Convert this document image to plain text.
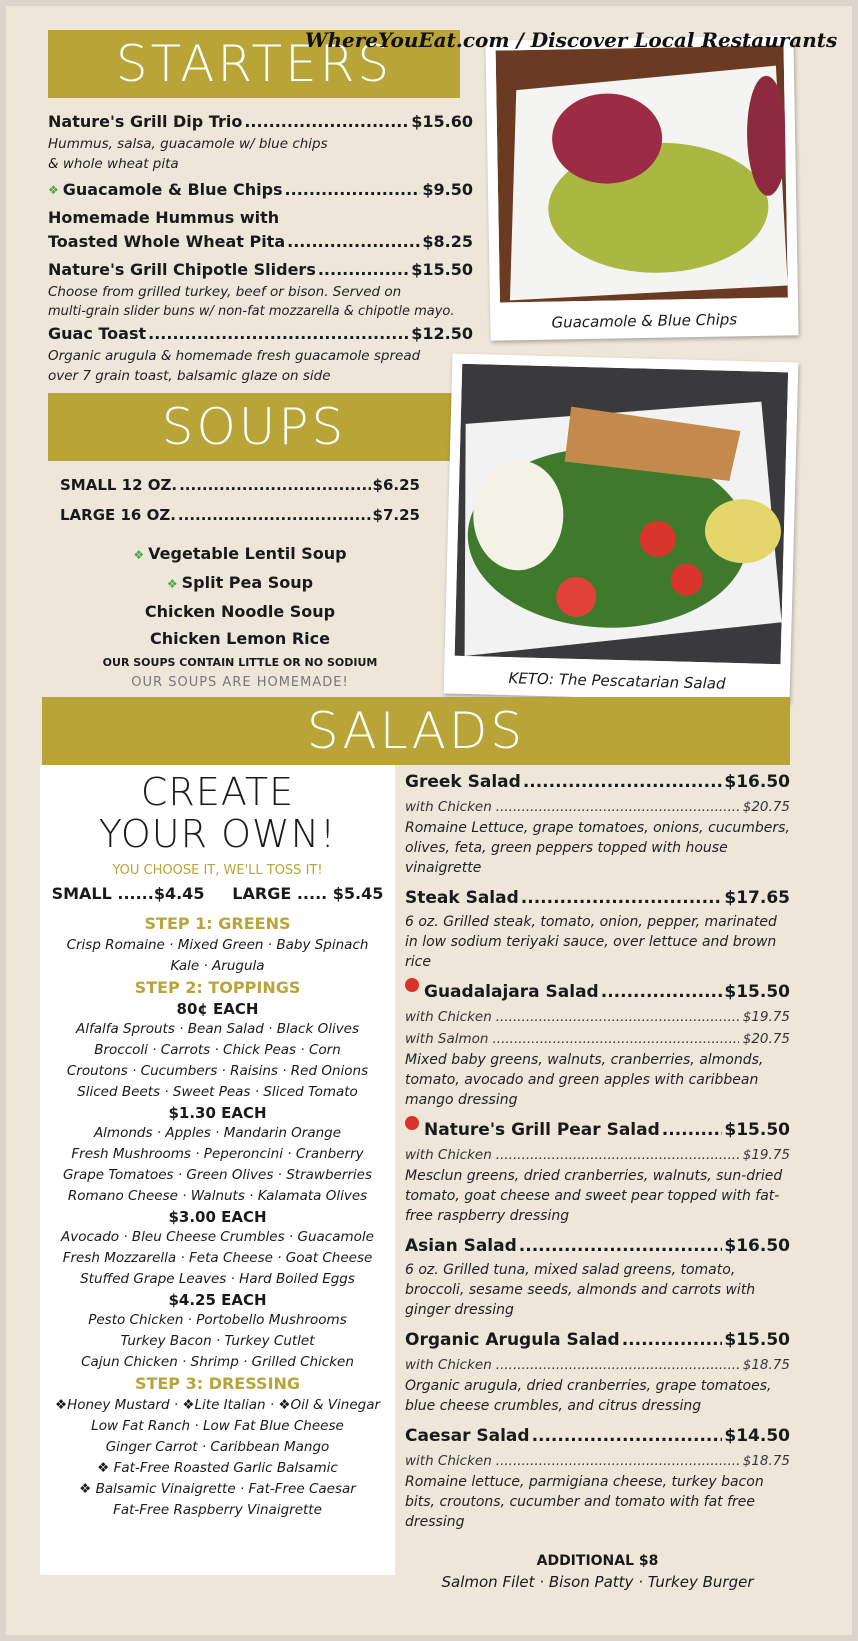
STARTERS
Nature's Grill Dip Trio .....	$15.60
Hummus, salsa, guacamole w/ blue chips
& whole wheat pita
❖ Guacamole & Blue Chips .....	$9.50
Homemade Hummus with
Toasted Whole Wheat Pita .....	$8.25
Nature's Grill Chipotle Sliders .....	$15.50
Choose from grilled turkey, beef or bison. Served on
multi-grain slider buns w/ non-fat mozzarella & chipotle mayo.
Guac Toast .....	$12.50
Organic arugula & homemade fresh guacamole spread
over 7 grain toast, balsamic glaze on side
Guacamole & Blue Chips
WhereYouEat.com / Discover Local Restaurants
SOUPS
SMALL 12 OZ. .....	$6.25
LARGE 16 OZ. .....	$7.25
❖ Vegetable Lentil Soup
❖ Split Pea Soup
Chicken Noodle Soup
Chicken Lemon Rice
OUR SOUPS CONTAIN LITTLE OR NO SODIUM
OUR SOUPS ARE HOMEMADE!	KETO: The Pescatarian Salad
SALADS
CREATE
YOUR OWN!
YOU CHOOSE IT, WE'LL TOSS IT!
SMALL ......$4.45     LARGE ..... $5.45
STEP 1: GREENS
Crisp Romaine · Mixed Green · Baby Spinach
Kale · Arugula
STEP 2: TOPPINGS
80¢ EACH
Alfalfa Sprouts · Bean Salad · Black Olives
Broccoli · Carrots · Chick Peas · Corn
Croutons · Cucumbers · Raisins · Red Onions
Sliced Beets · Sweet Peas · Sliced Tomato
$1.30 EACH
Almonds · Apples · Mandarin Orange
Fresh Mushrooms · Peperoncini · Cranberry
Grape Tomatoes · Green Olives · Strawberries
Romano Cheese · Walnuts · Kalamata Olives
$3.00 EACH
Avocado · Bleu Cheese Crumbles · Guacamole
Fresh Mozzarella · Feta Cheese · Goat Cheese
Stuffed Grape Leaves · Hard Boiled Eggs
$4.25 EACH
Pesto Chicken · Portobello Mushrooms
Turkey Bacon · Turkey Cutlet
Cajun Chicken · Shrimp · Grilled Chicken
STEP 3: DRESSING
❖Honey Mustard · ❖Lite Italian · ❖Oil & Vinegar
Low Fat Ranch · Low Fat Blue Cheese
Ginger Carrot · Caribbean Mango
❖ Fat-Free Roasted Garlic Balsamic
❖ Balsamic Vinaigrette · Fat-Free Caesar
Fat-Free Raspberry Vinaigrette
Greek Salad .....	$16.50
with Chicken .....	$20.75
Romaine Lettuce, grape tomatoes, onions, cucumbers, olives, feta, green peppers topped with house vinaigrette
Steak Salad .....	$17.65
6 oz. Grilled steak, tomato, onion, pepper, marinated in low sodium teriyaki sauce, over lettuce and brown rice
Guadalajara Salad .....	$15.50
with Chicken .....	$19.75
with Salmon .....	$20.75
Mixed baby greens, walnuts, cranberries, almonds, tomato, avocado and green apples with caribbean mango dressing
Nature's Grill Pear Salad .....	$15.50
with Chicken .....	$19.75
Mesclun greens, dried cranberries, walnuts, sun-dried tomato, goat cheese and sweet pear topped with fat-free raspberry dressing
Asian Salad .....	$16.50
6 oz. Grilled tuna, mixed salad greens, tomato, broccoli, sesame seeds, almonds and carrots with ginger dressing
Organic Arugula Salad .....	$15.50
with Chicken .....	$18.75
Organic arugula, dried cranberries, grape tomatoes, blue cheese crumbles, and citrus dressing
Caesar Salad .....	$14.50
with Chicken .....	$18.75
Romaine lettuce, parmigiana cheese, turkey bacon bits, croutons, cucumber and tomato with fat free dressing
ADDITIONAL $8
Salmon Filet · Bison Patty · Turkey Burger
